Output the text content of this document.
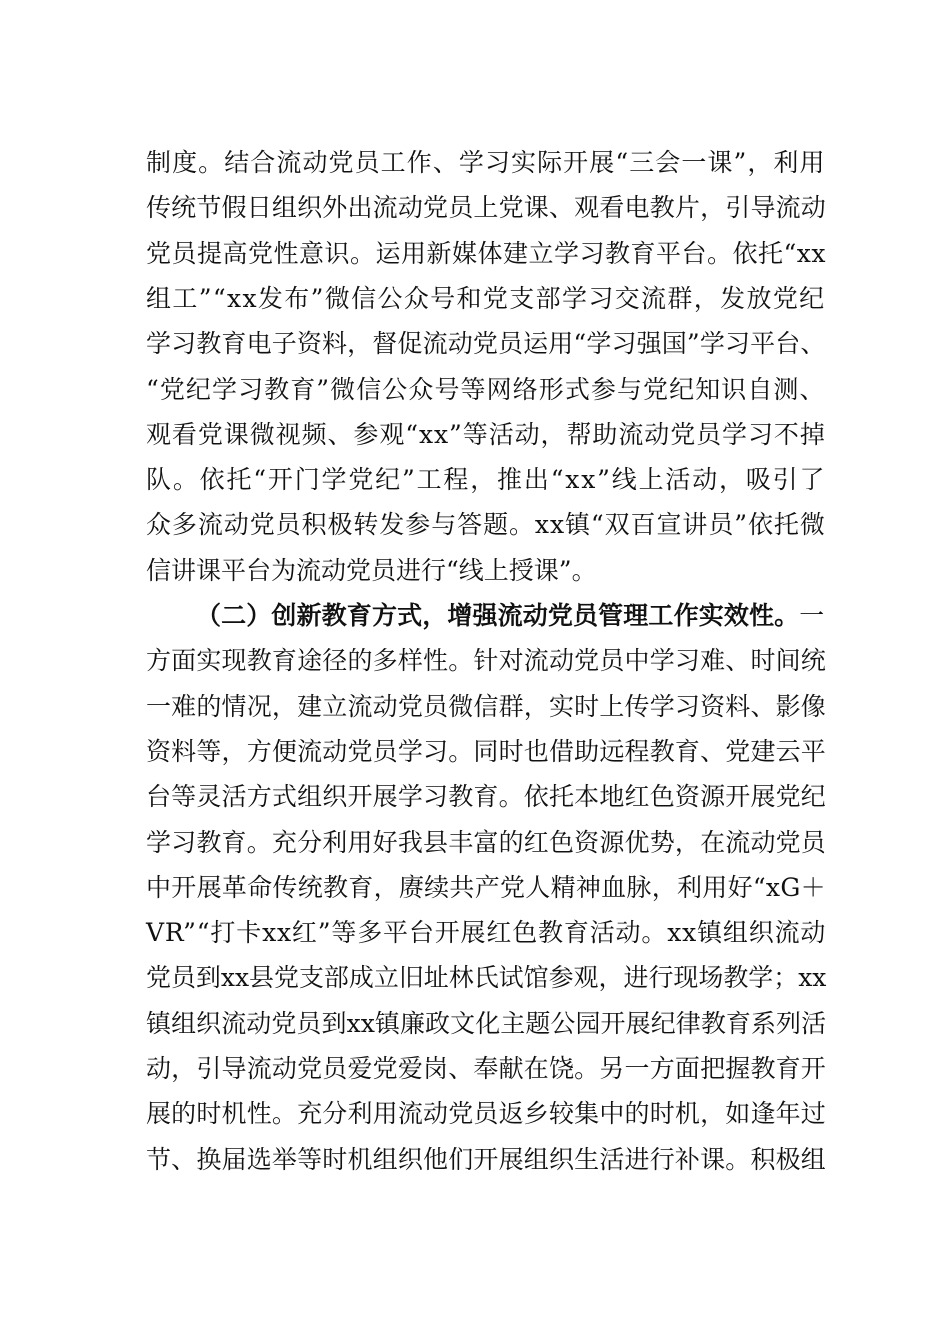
制度。结合流动党员工作、学习实际开展“三会一课”，利用
传统节假日组织外出流动党员上党课、观看电教片，引导流动
党员提高党性意识。运用新媒体建立学习教育平台。依托“xx
组工”“xx发布”微信公众号和党支部学习交流群，发放党纪
学习教育电子资料，督促流动党员运用“学习强国”学习平台、
“党纪学习教育”微信公众号等网络形式参与党纪知识自测、
观看党课微视频、参观“xx”等活动，帮助流动党员学习不掉
队。依托“开门学党纪”工程，推出“xx”线上活动，吸引了
众多流动党员积极转发参与答题。xx镇“双百宣讲员”依托微
信讲课平台为流动党员进行“线上授课”。
（二）创新教育方式，增强流动党员管理工作实效性。一
方面实现教育途径的多样性。针对流动党员中学习难、时间统
一难的情况，建立流动党员微信群，实时上传学习资料、影像
资料等，方便流动党员学习。同时也借助远程教育、党建云平
台等灵活方式组织开展学习教育。依托本地红色资源开展党纪
学习教育。充分利用好我县丰富的红色资源优势，在流动党员
中开展革命传统教育，赓续共产党人精神血脉，利用好“xG＋
VR”“打卡xx红”等多平台开展红色教育活动。xx镇组织流动
党员到xx县党支部成立旧址林氏试馆参观，进行现场教学；xx
镇组织流动党员到xx镇廉政文化主题公园开展纪律教育系列活
动，引导流动党员爱党爱岗、奉献在饶。另一方面把握教育开
展的时机性。充分利用流动党员返乡较集中的时机，如逢年过
节、换届选举等时机组织他们开展组织生活进行补课。积极组
